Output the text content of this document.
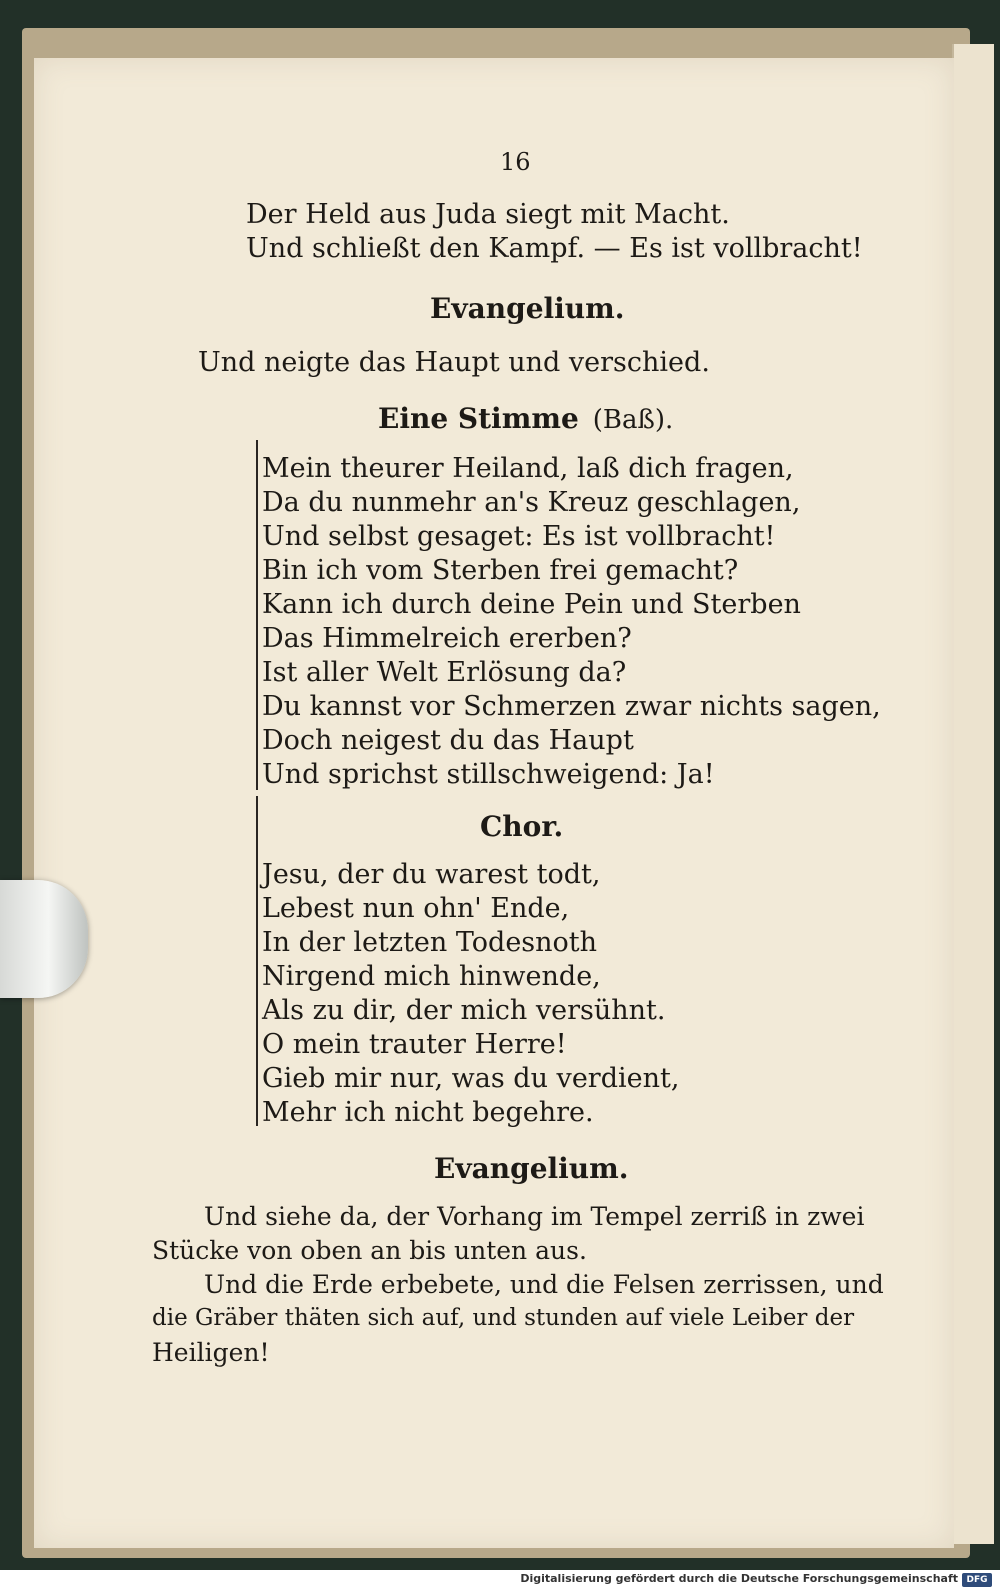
16
Der Held aus Juda siegt mit Macht.
Und schließt den Kampf. — Es ist vollbracht!
Evangelium.
Und neigte das Haupt und verschied.
Eine Stimme (Baß).
Mein theurer Heiland, laß dich fragen,
Da du nunmehr an's Kreuz geschlagen,
Und selbst gesaget: Es ist vollbracht!
Bin ich vom Sterben frei gemacht?
Kann ich durch deine Pein und Sterben
Das Himmelreich ererben?
Ist aller Welt Erlösung da?
Du kannst vor Schmerzen zwar nichts sagen,
Doch neigest du das Haupt
Und sprichst stillschweigend: Ja!
Chor.
Jesu, der du warest todt,
Lebest nun ohn' Ende,
In der letzten Todesnoth
Nirgend mich hinwende,
Als zu dir, der mich versühnt.
O mein trauter Herre!
Gieb mir nur, was du verdient,
Mehr ich nicht begehre.
Evangelium.
Und siehe da, der Vorhang im Tempel zerriß in zwei
Stücke von oben an bis unten aus.
Und die Erde erbebete, und die Felsen zerrissen, und
die Gräber thäten sich auf, und stunden auf viele Leiber der
Heiligen!
Digitalisierung gefördert durch die Deutsche Forschungsgemeinschaft DFG
